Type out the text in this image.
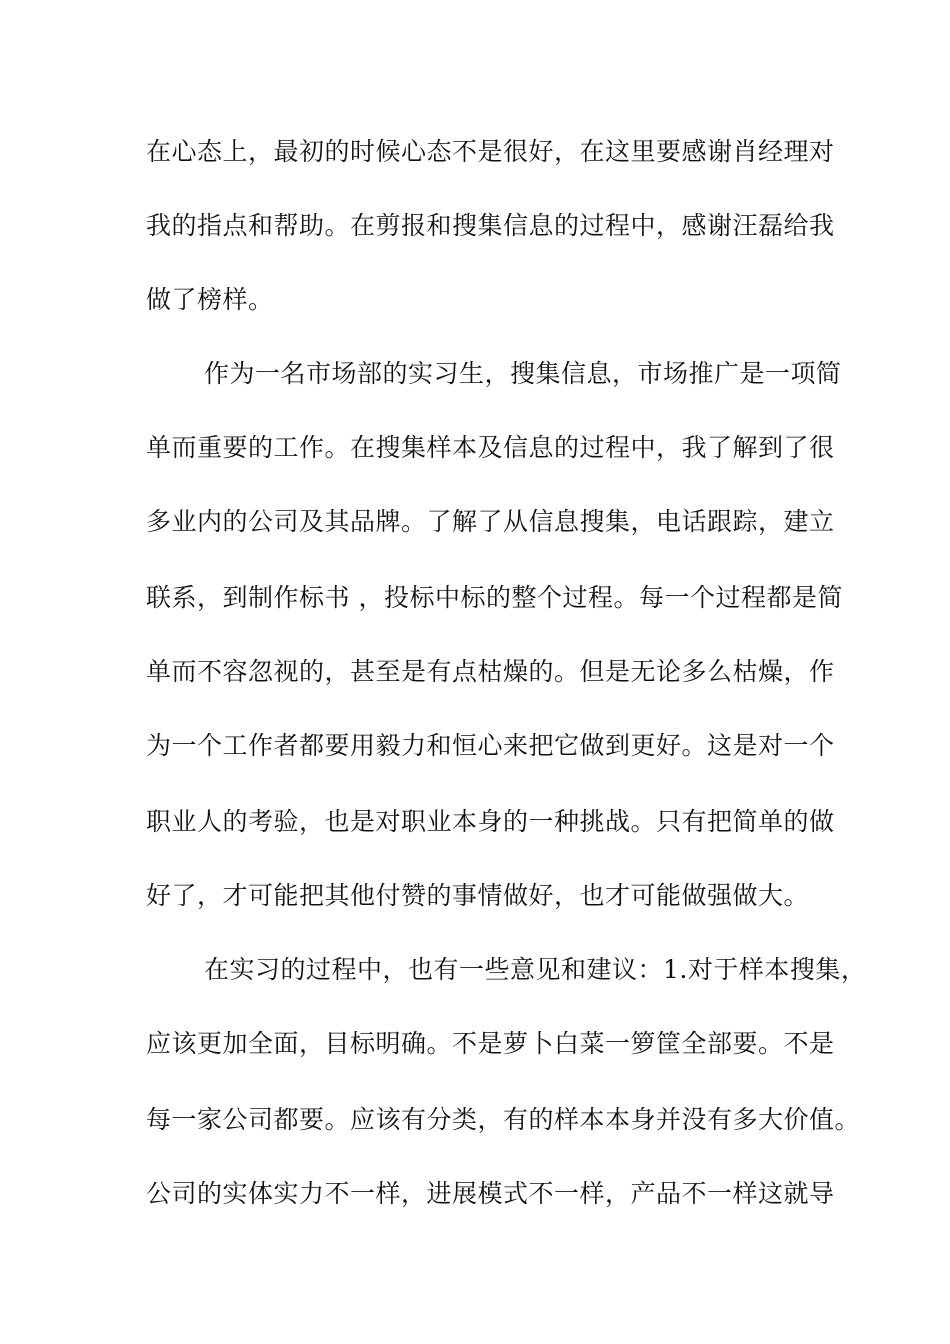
在心态上，最初的时候心态不是很好，在这里要感谢肖经理对
我的指点和帮助。在剪报和搜集信息的过程中，感谢汪磊给我
做了榜样。
作为一名市场部的实习生，搜集信息，市场推广是一项简
单而重要的工作。在搜集样本及信息的过程中，我了解到了很
多业内的公司及其品牌。了解了从信息搜集，电话跟踪，建立
联系，到制作标书 ，投标中标的整个过程。每一个过程都是简
单而不容忽视的，甚至是有点枯燥的。但是无论多么枯燥，作
为一个工作者都要用毅力和恒心来把它做到更好。这是对一个
职业人的考验，也是对职业本身的一种挑战。只有把简单的做
好了，才可能把其他付赞的事情做好，也才可能做强做大。
在实习的过程中，也有一些意见和建议：1.对于样本搜集，
应该更加全面，目标明确。不是萝卜白菜一箩筐全部要。不是
每一家公司都要。应该有分类，有的样本本身并没有多大价值。
公司的实体实力不一样，进展模式不一样，产品不一样这就导
